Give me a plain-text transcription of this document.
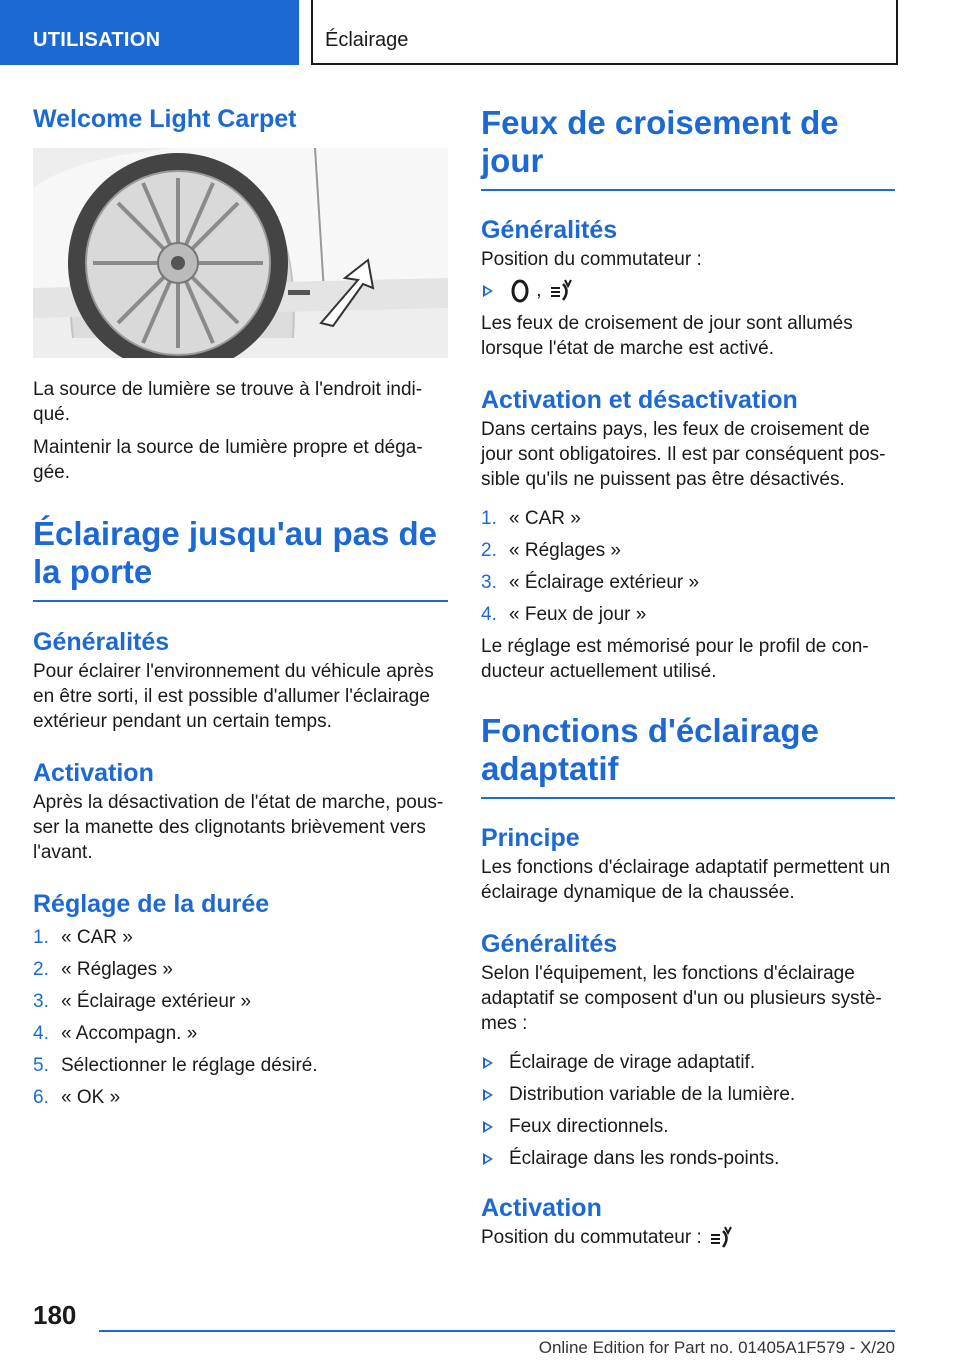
UTILISATION	Éclairage
Welcome Light Carpet

La source de lumière se trouve à l'endroit indi‐qué.

Maintenir la source de lumière propre et déga‐gée.

Éclairage jusqu'au pas de la porte
Généralités

Pour éclairer l'environnement du véhicule après en être sorti, il est possible d'allumer l'éclairage extérieur pendant un certain temps.

Activation

Après la désactivation de l'état de marche, pous‐ser la manette des clignotants brièvement vers l'avant.

Réglage de la durée
1. « CAR »
2. « Réglages »
3. « Éclairage extérieur »
4. « Accompagn. »
5. Sélectionner le réglage désiré.
6. « OK »
Feux de croisement de jour
Généralités

Position du commutateur :

,

Les feux de croisement de jour sont allumés lorsque l'état de marche est activé.

Activation et désactivation

Dans certains pays, les feux de croisement de jour sont obligatoires. Il est par conséquent pos‐sible qu'ils ne puissent pas être désactivés.

1. « CAR »
2. « Réglages »
3. « Éclairage extérieur »
4. « Feux de jour »

Le réglage est mémorisé pour le profil de con‐ducteur actuellement utilisé.

Fonctions d'éclairage adaptatif
Principe

Les fonctions d'éclairage adaptatif permettent un éclairage dynamique de la chaussée.

Généralités

Selon l'équipement, les fonctions d'éclairage adaptatif se composent d'un ou plusieurs systè‐mes :

Éclairage de virage adaptatif.
Distribution variable de la lumière.
Feux directionnels.
Éclairage dans les ronds-points.
Activation

Position du commutateur :

180
Online Edition for Part no. 01405A1F579 - X/20
